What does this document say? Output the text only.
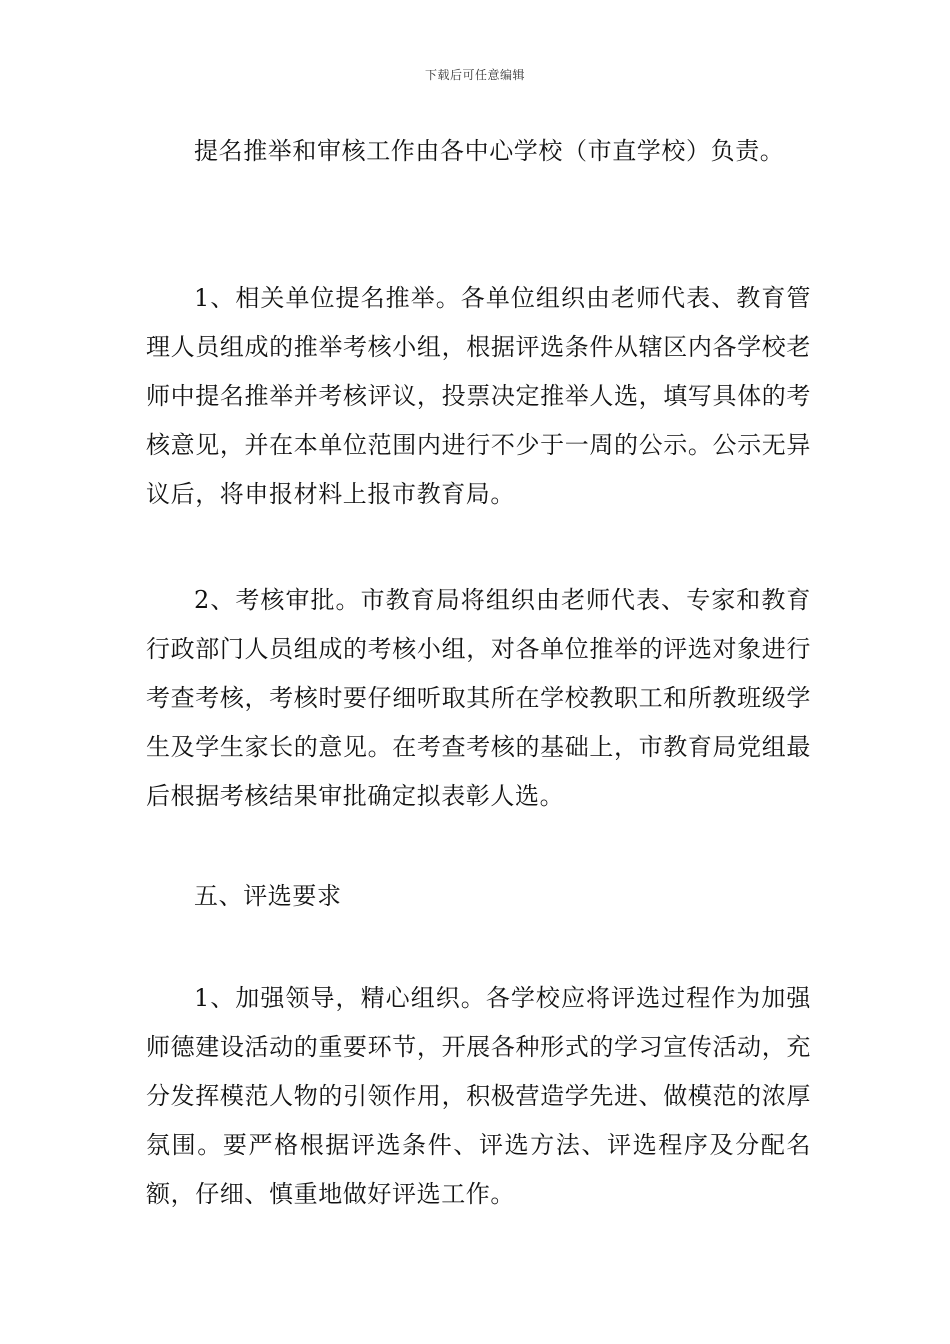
下载后可任意编辑

提名推举和审核工作由各中心学校（市直学校）负责。

1、相关单位提名推举。各单位组织由老师代表、教育管理人员组成的推举考核小组，根据评选条件从辖区内各学校老师中提名推举并考核评议，投票决定推举人选，填写具体的考核意见，并在本单位范围内进行不少于一周的公示。公示无异议后，将申报材料上报市教育局。

2、考核审批。市教育局将组织由老师代表、专家和教育行政部门人员组成的考核小组，对各单位推举的评选对象进行考查考核，考核时要仔细听取其所在学校教职工和所教班级学生及学生家长的意见。在考查考核的基础上，市教育局党组最后根据考核结果审批确定拟表彰人选。

五、评选要求

1、加强领导，精心组织。各学校应将评选过程作为加强师德建设活动的重要环节，开展各种形式的学习宣传活动，充分发挥模范人物的引领作用，积极营造学先进、做模范的浓厚氛围。要严格根据评选条件、评选方法、评选程序及分配名额，仔细、慎重地做好评选工作。
